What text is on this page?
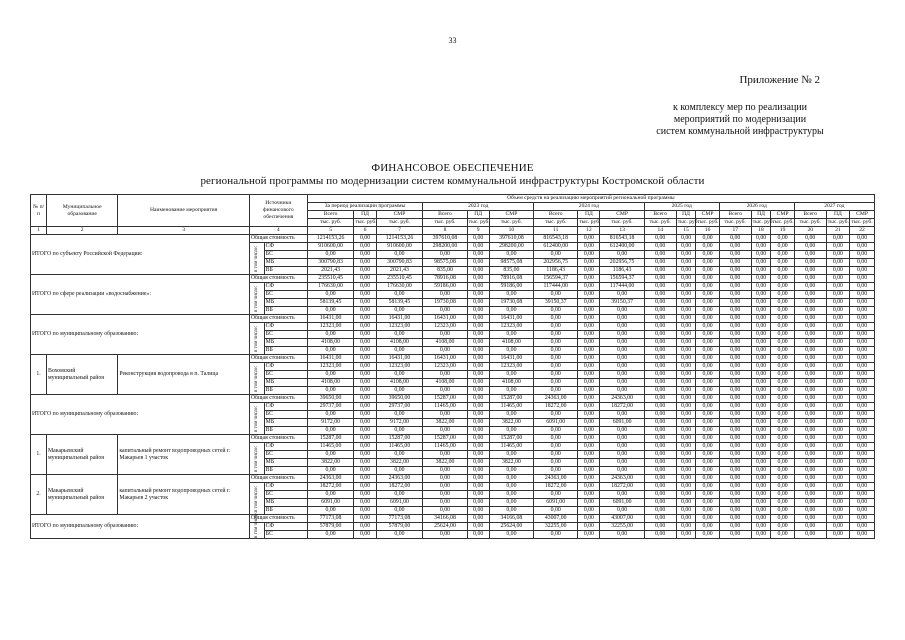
33
Приложение № 2
к комплексу мер по реализации
мероприятий по модернизации
систем коммунальной инфраструктуры
ФИНАНСОВОЕ ОБЕСПЕЧЕНИЕ
региональной программы по модернизации систем коммунальной инфраструктуры Костромской области
№ п/п	Муниципальное образование	Наименование мероприятия	Источники финансового обеспечения		Объем средств на реализацию мероприятий региональной программы																	
					За период реализации программы			2023 год			2024 год			2025 год			2026 год			2027 год		
					Всего	ПД	СМР	Всего	ПД	СМР	Всего	ПД	СМР	Всего	ПД	СМР	Всего	ПД	СМР	Всего	ПД	СМР
					тыс. руб.	тыс. руб.	тыс. руб.	тыс. руб.	тыс. руб.	тыс. руб.	тыс. руб.	тыс. руб.	тыс. руб.	тыс. руб.	тыс. руб.	тыс. руб.	тыс. руб.	тыс. руб.	тыс. руб.	тыс. руб.	тыс. руб.	тыс. руб.
1	2	3	4		5	6	7	8	9	10	11	12	13	14	15	16	17	18	19	20	21	22
ИТОГО по субъекту Российской Федерации:			Общая стоимость		1214153,26	0,00	1214153,26	397610,08	0,00	397610,08	816543,18	0,00	816543,18	0,00	0,00	0,00	0,00	0,00	0,00	0,00	0,00	0,00
			в том числе:	СФ	910600,00	0,00	910600,00	298200,00	0,00	298200,00	612400,00	0,00	612400,00	0,00	0,00	0,00	0,00	0,00	0,00	0,00	0,00	0,00
				БС	0,00	0,00	0,00	0,00	0,00	0,00	0,00	0,00	0,00	0,00	0,00	0,00	0,00	0,00	0,00	0,00	0,00	0,00
				МБ	300790,83	0,00	300790,83	98575,08	0,00	98575,08	202956,75	0,00	202956,75	0,00	0,00	0,00	0,00	0,00	0,00	0,00	0,00	0,00
				ВБ	2021,43	0,00	2021,43	835,00	0,00	835,00	1186,43	0,00	1186,43	0,00	0,00	0,00	0,00	0,00	0,00	0,00	0,00	0,00
ИТОГО по сфере реализации «водоснабжение»:			Общая стоимость		235510,45	0,00	235510,45	78916,08	0,00	78916,08	156594,37	0,00	156594,37	0,00	0,00	0,00	0,00	0,00	0,00	0,00	0,00	0,00
			в том числе:	СФ	176630,00	0,00	176630,00	59186,00	0,00	59186,00	117444,00	0,00	117444,00	0,00	0,00	0,00	0,00	0,00	0,00	0,00	0,00	0,00
				БС	0,00	0,00	0,00	0,00	0,00	0,00	0,00	0,00	0,00	0,00	0,00	0,00	0,00	0,00	0,00	0,00	0,00	0,00
				МБ	58139,45	0,00	58139,45	19730,08	0,00	19730,08	39150,37	0,00	39150,37	0,00	0,00	0,00	0,00	0,00	0,00	0,00	0,00	0,00
				ВБ	0,00	0,00	0,00	0,00	0,00	0,00	0,00	0,00	0,00	0,00	0,00	0,00	0,00	0,00	0,00	0,00	0,00	0,00
ИТОГО по муниципальному образованию:			Общая стоимость		16431,00	0,00	16431,00	16431,00	0,00	16431,00	0,00	0,00	0,00	0,00	0,00	0,00	0,00	0,00	0,00	0,00	0,00	0,00
			в том числе:	СФ	12323,00	0,00	12323,00	12323,00	0,00	12323,00	0,00	0,00	0,00	0,00	0,00	0,00	0,00	0,00	0,00	0,00	0,00	0,00
				БС	0,00	0,00	0,00	0,00	0,00	0,00	0,00	0,00	0,00	0,00	0,00	0,00	0,00	0,00	0,00	0,00	0,00	0,00
				МБ	4108,00	0,00	4108,00	4108,00	0,00	4108,00	0,00	0,00	0,00	0,00	0,00	0,00	0,00	0,00	0,00	0,00	0,00	0,00
				ВБ	0,00	0,00	0,00	0,00	0,00	0,00	0,00	0,00	0,00	0,00	0,00	0,00	0,00	0,00	0,00	0,00	0,00	0,00
1.	Вохомский муниципальный район	Реконструкция водопровода в п. Талица	Общая стоимость		16431,00	0,00	16431,00	16431,00	0,00	16431,00	0,00	0,00	0,00	0,00	0,00	0,00	0,00	0,00	0,00	0,00	0,00	0,00
			в том числе:	СФ	12323,00	0,00	12323,00	12323,00	0,00	12323,00	0,00	0,00	0,00	0,00	0,00	0,00	0,00	0,00	0,00	0,00	0,00	0,00
				БС	0,00	0,00	0,00	0,00	0,00	0,00	0,00	0,00	0,00	0,00	0,00	0,00	0,00	0,00	0,00	0,00	0,00	0,00
				МБ	4108,00	0,00	4108,00	4108,00	0,00	4108,00	0,00	0,00	0,00	0,00	0,00	0,00	0,00	0,00	0,00	0,00	0,00	0,00
				ВБ	0,00	0,00	0,00	0,00	0,00	0,00	0,00	0,00	0,00	0,00	0,00	0,00	0,00	0,00	0,00	0,00	0,00	0,00
ИТОГО по муниципальному образованию:			Общая стоимость		39650,00	0,00	39650,00	15287,00	0,00	15287,00	24363,00	0,00	24363,00	0,00	0,00	0,00	0,00	0,00	0,00	0,00	0,00	0,00
			в том числе:	СФ	29737,00	0,00	29737,00	11465,00	0,00	11465,00	18272,00	0,00	18272,00	0,00	0,00	0,00	0,00	0,00	0,00	0,00	0,00	0,00
				БС	0,00	0,00	0,00	0,00	0,00	0,00	0,00	0,00	0,00	0,00	0,00	0,00	0,00	0,00	0,00	0,00	0,00	0,00
				МБ	9172,00	0,00	9172,00	3822,00	0,00	3822,00	6091,00	0,00	6091,00	0,00	0,00	0,00	0,00	0,00	0,00	0,00	0,00	0,00
				ВБ	0,00	0,00	0,00	0,00	0,00	0,00	0,00	0,00	0,00	0,00	0,00	0,00	0,00	0,00	0,00	0,00	0,00	0,00
1.	Макарьевский муниципальный район	капитальный ремонт водопроводных сетей г. Макарьев 1 участок	Общая стоимость		15287,00	0,00	15287,00	15287,00	0,00	15287,00	0,00	0,00	0,00	0,00	0,00	0,00	0,00	0,00	0,00	0,00	0,00	0,00
			в том числе:	СФ	11465,00	0,00	11465,00	11465,00	0,00	11465,00	0,00	0,00	0,00	0,00	0,00	0,00	0,00	0,00	0,00	0,00	0,00	0,00
				БС	0,00	0,00	0,00	0,00	0,00	0,00	0,00	0,00	0,00	0,00	0,00	0,00	0,00	0,00	0,00	0,00	0,00	0,00
				МБ	3822,00	0,00	3822,00	3822,00	0,00	3822,00	0,00	0,00	0,00	0,00	0,00	0,00	0,00	0,00	0,00	0,00	0,00	0,00
				ВБ	0,00	0,00	0,00	0,00	0,00	0,00	0,00	0,00	0,00	0,00	0,00	0,00	0,00	0,00	0,00	0,00	0,00	0,00
2.	Макарьевский муниципальный район	капитальный ремонт водопроводных сетей г. Макарьев 2 участок	Общая стоимость		24363,00	0,00	24363,00	0,00	0,00	0,00	24363,00	0,00	24363,00	0,00	0,00	0,00	0,00	0,00	0,00	0,00	0,00	0,00
			в том числе:	СФ	18272,00	0,00	18272,00	0,00	0,00	0,00	18272,00	0,00	18272,00	0,00	0,00	0,00	0,00	0,00	0,00	0,00	0,00	0,00
				БС	0,00	0,00	0,00	0,00	0,00	0,00	0,00	0,00	0,00	0,00	0,00	0,00	0,00	0,00	0,00	0,00	0,00	0,00
				МБ	6091,00	0,00	6091,00	0,00	0,00	0,00	6091,00	0,00	6091,00	0,00	0,00	0,00	0,00	0,00	0,00	0,00	0,00	0,00
				ВБ	0,00	0,00	0,00	0,00	0,00	0,00	0,00	0,00	0,00	0,00	0,00	0,00	0,00	0,00	0,00	0,00	0,00	0,00
ИТОГО по муниципальному образованию:			Общая стоимость		77173,08	0,00	77173,08	34166,08	0,00	34166,08	43007,00	0,00	43007,00	0,00	0,00	0,00	0,00	0,00	0,00	0,00	0,00	0,00
			в том числе:	СФ	57879,00	0,00	57879,00	25624,00	0,00	25624,00	32255,00	0,00	32255,00	0,00	0,00	0,00	0,00	0,00	0,00	0,00	0,00	0,00
				БС	0,00	0,00	0,00	0,00	0,00	0,00	0,00	0,00	0,00	0,00	0,00	0,00	0,00	0,00	0,00	0,00	0,00	0,00
